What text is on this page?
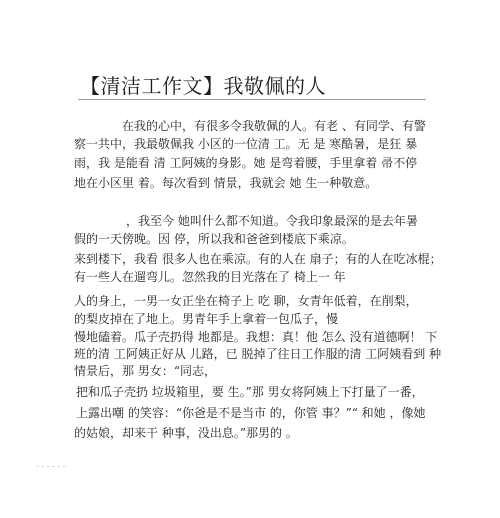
【清洁工作文】我敬佩的人
在我的心中，有很多令我敬佩的人。有老 、有同学、有警
察一共中，我最敬佩我 小区的一位清 工。无 是 寒酷暑，是狂 暴
雨，我 是能看 清 工阿姨的身影。她 是弯着腰，手里拿着 帚不停
地在小区里 着。每次看到 情景，我就会 她 生一种敬意。
，我至今 她叫什么都不知道。令我印象最深的是去年暑
假的一天傍晚。因 停，所以我和爸爸到楼底下乘凉。
来到楼下，我看 很多人也在乘凉。有的人在 扇子；有的人在吃冰棍；
有一些人在遛弯儿。忽然我的目光落在了 椅上一 年
人的身上，一男一女正坐在椅子上 吃 聊，女青年低着，在削梨，
的梨皮掉在了地上。男青年手上拿着一包瓜子，慢
慢地磕着。瓜子壳扔得 地都是。我想：真！他 怎么 没有道德啊！ 下
班的清 工阿姨正好从 儿路，已 脱掉了往日工作服的清 工阿姨看到 种
情景后，那 男女：“同志，
把和瓜子壳扔 垃圾箱里，要 生。”那 男女将阿姨上下打量了一番，
上露出嘲 的笑容：“你爸是不是当市 的，你管 事？”“ 和她 ，像她
的姑娘，却来干 种事，没出息。”那男的 。
